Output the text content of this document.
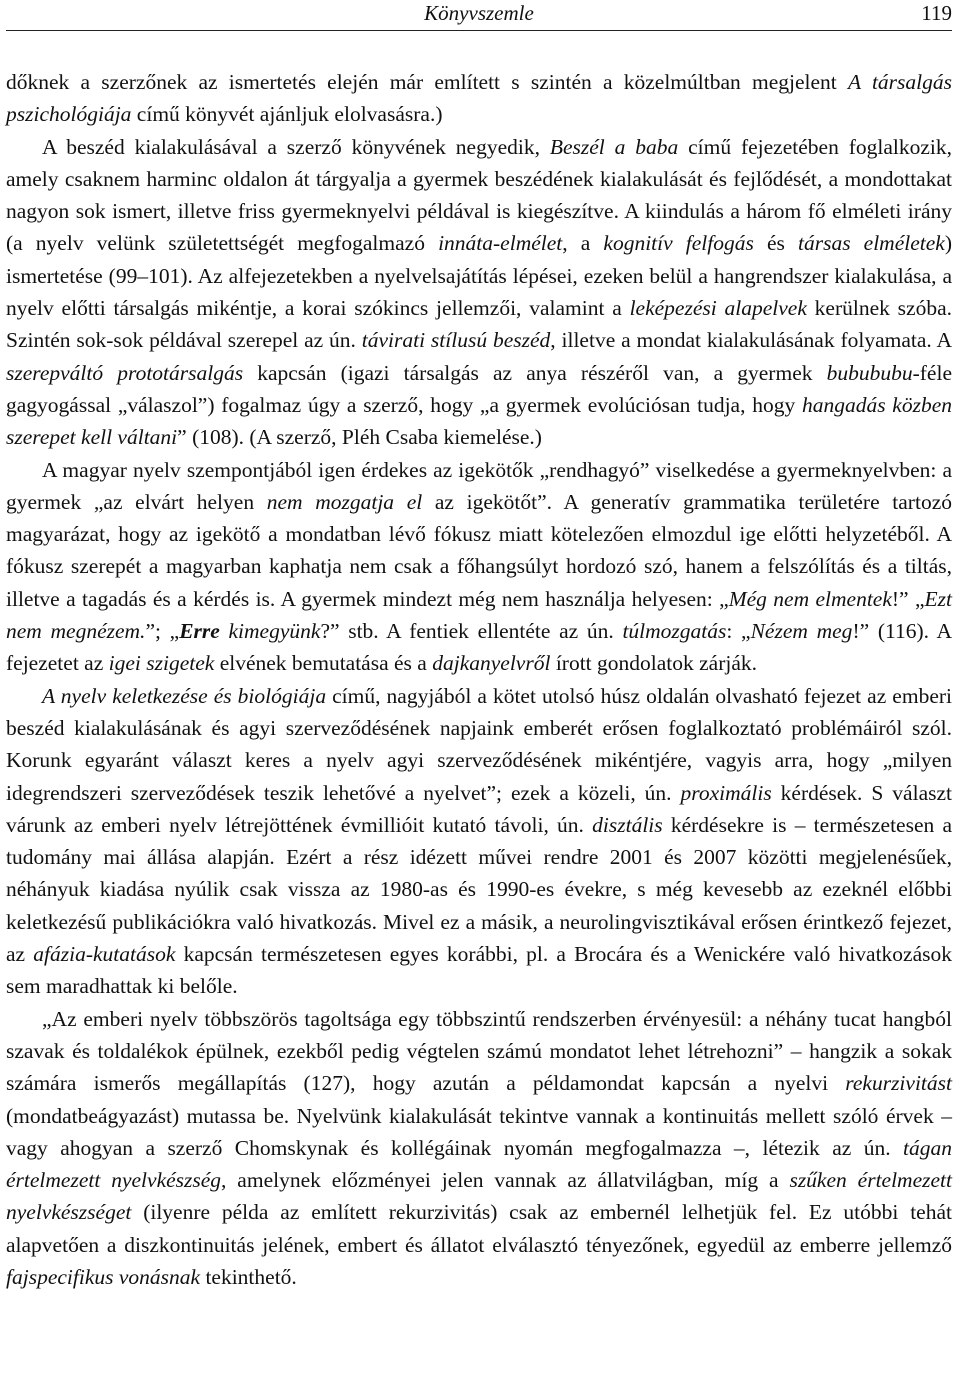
Könyvszemle	119

dőknek a szerzőnek az ismertetés elején már említett s szintén a közelmúltban megjelent A társalgás pszichológiája című könyvét ajánljuk elolvasásra.)

A beszéd kialakulásával a szerző könyvének negyedik, Beszél a baba című fejezetében foglalkozik, amely csaknem harminc oldalon át tárgyalja a gyermek beszédének kialakulását és fejlődését, a mondottakat nagyon sok ismert, illetve friss gyermeknyelvi példával is kiegészítve. A kiindulás a három fő elméleti irány (a nyelv velünk születettségét megfogalmazó innáta-elmélet, a kognitív felfogás és társas elméletek) ismertetése (99–101). Az alfejezetekben a nyelvelsajátítás lépései, ezeken belül a hangrendszer kialakulása, a nyelv előtti társalgás mikéntje, a korai szókincs jellemzői, valamint a leképezési alapelvek kerülnek szóba. Szintén sok-sok példával szerepel az ún. távirati stílusú beszéd, illetve a mondat kialakulásának folyamata. A szerepváltó prototársalgás kapcsán (igazi társalgás az anya részéről van, a gyermek bubububu-féle gagyogással „válaszol”) fogalmaz úgy a szerző, hogy „a gyermek evolúciósan tudja, hogy hangadás közben szerepet kell váltani” (108). (A szerző, Pléh Csaba kiemelése.)

A magyar nyelv szempontjából igen érdekes az igekötők „rendhagyó” viselkedése a gyermeknyelvben: a gyermek „az elvárt helyen nem mozgatja el az igekötőt”. A generatív grammatika területére tartozó magyarázat, hogy az igekötő a mondatban lévő fókusz miatt kötelezően elmozdul ige előtti helyzetéből. A fókusz szerepét a magyarban kaphatja nem csak a főhangsúlyt hordozó szó, hanem a felszólítás és a tiltás, illetve a tagadás és a kérdés is. A gyermek mindezt még nem használja helyesen: „Még nem elmentek!” „Ezt nem megnézem.”; „Erre kimegyünk?” stb. A fentiek ellentéte az ún. túlmozgatás: „Nézem meg!” (116). A fejezetet az igei szigetek elvének bemutatása és a dajkanyelvről írott gondolatok zárják.

A nyelv keletkezése és biológiája című, nagyjából a kötet utolsó húsz oldalán olvasható fejezet az emberi beszéd kialakulásának és agyi szerveződésének napjaink emberét erősen foglalkoztató problémáiról szól. Korunk egyaránt választ keres a nyelv agyi szerveződésének mikéntjére, vagyis arra, hogy „milyen idegrendszeri szerveződések teszik lehetővé a nyelvet”; ezek a közeli, ún. proximális kérdések. S választ várunk az emberi nyelv létrejöttének évmillióit kutató távoli, ún. disztális kérdésekre is – természetesen a tudomány mai állása alapján. Ezért a rész idézett művei rendre 2001 és 2007 közötti megjelenésűek, néhányuk kiadása nyúlik csak vissza az 1980-as és 1990-es évekre, s még kevesebb az ezeknél előbbi keletkezésű publikációkra való hivatkozás. Mivel ez a másik, a neurolingvisztikával erősen érintkező fejezet, az afázia-kutatások kapcsán természetesen egyes korábbi, pl. a Brocára és a Wenickére való hivatkozások sem maradhattak ki belőle.

„Az emberi nyelv többszörös tagoltsága egy többszintű rendszerben érvényesül: a néhány tucat hangból szavak és toldalékok épülnek, ezekből pedig végtelen számú mondatot lehet létrehozni” – hangzik a sokak számára ismerős megállapítás (127), hogy azután a példamondat kapcsán a nyelvi rekurzivitást (mondatbeágyazást) mutassa be. Nyelvünk kialakulását tekintve vannak a kontinuitás mellett szóló érvek – vagy ahogyan a szerző Chomskynak és kollégáinak nyomán megfogalmazza –, létezik az ún. tágan értelmezett nyelvkészség, amelynek előzményei jelen vannak az állatvilágban, míg a szűken értelmezett nyelvkészséget (ilyenre példa az említett rekurzivitás) csak az embernél lelhetjük fel. Ez utóbbi tehát alapvetően a diszkontinuitás jelének, embert és állatot elválasztó tényezőnek, egyedül az emberre jellemző fajspecifikus vonásnak tekinthető.
